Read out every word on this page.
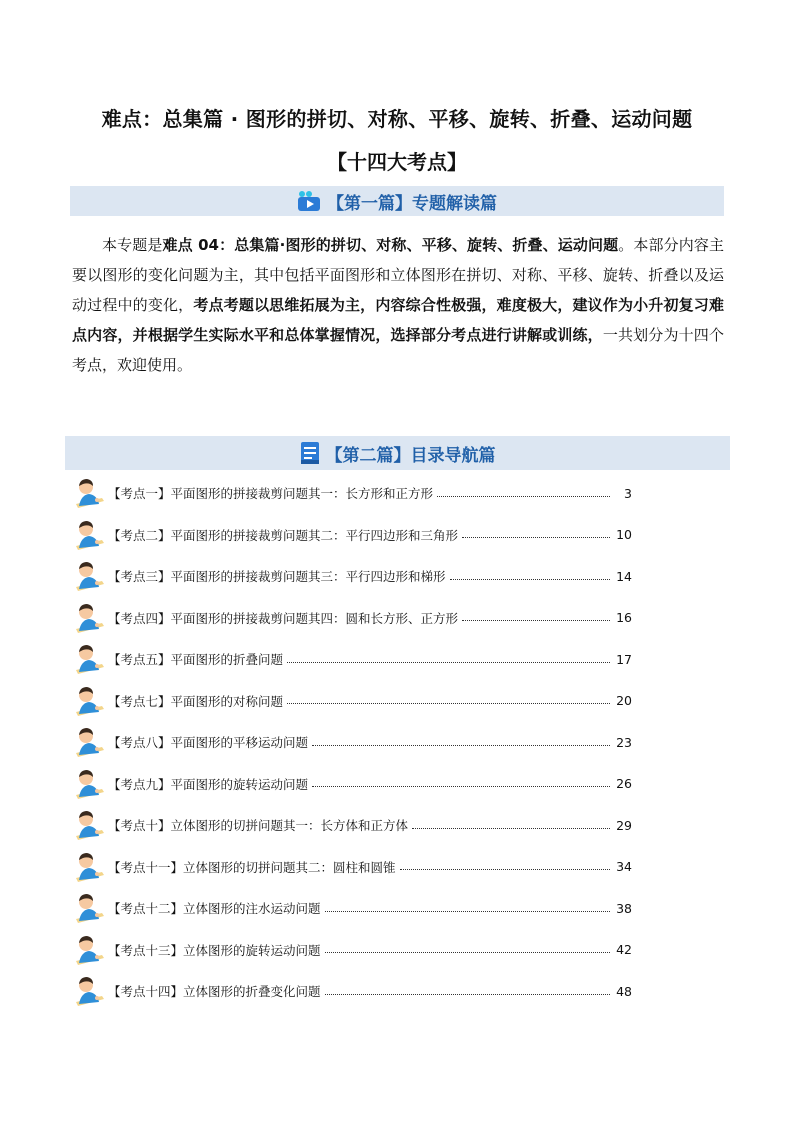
难点：总集篇 · 图形的拼切、对称、平移、旋转、折叠、运动问题
【十四大考点】
【第一篇】专题解读篇

本专题是难点 04：总集篇·图形的拼切、对称、平移、旋转、折叠、运动问题。本部分内容主要以图形的变化问题为主，其中包括平面图形和立体图形在拼切、对称、平移、旋转、折叠以及运动过程中的变化，考点考题以思维拓展为主，内容综合性极强，难度极大，建议作为小升初复习难点内容，并根据学生实际水平和总体掌握情况，选择部分考点进行讲解或训练，一共划分为十四个考点，欢迎使用。

【第二篇】目录导航篇
【考点一】平面图形的拼接裁剪问题其一：长方形和正方形	3
【考点二】平面图形的拼接裁剪问题其二：平行四边形和三角形	10
【考点三】平面图形的拼接裁剪问题其三：平行四边形和梯形	14
【考点四】平面图形的拼接裁剪问题其四：圆和长方形、正方形	16
【考点五】平面图形的折叠问题	17
【考点七】平面图形的对称问题	20
【考点八】平面图形的平移运动问题	23
【考点九】平面图形的旋转运动问题	26
【考点十】立体图形的切拼问题其一：长方体和正方体	29
【考点十一】立体图形的切拼问题其二：圆柱和圆锥	34
【考点十二】立体图形的注水运动问题	38
【考点十三】立体图形的旋转运动问题	42
【考点十四】立体图形的折叠变化问题	48
